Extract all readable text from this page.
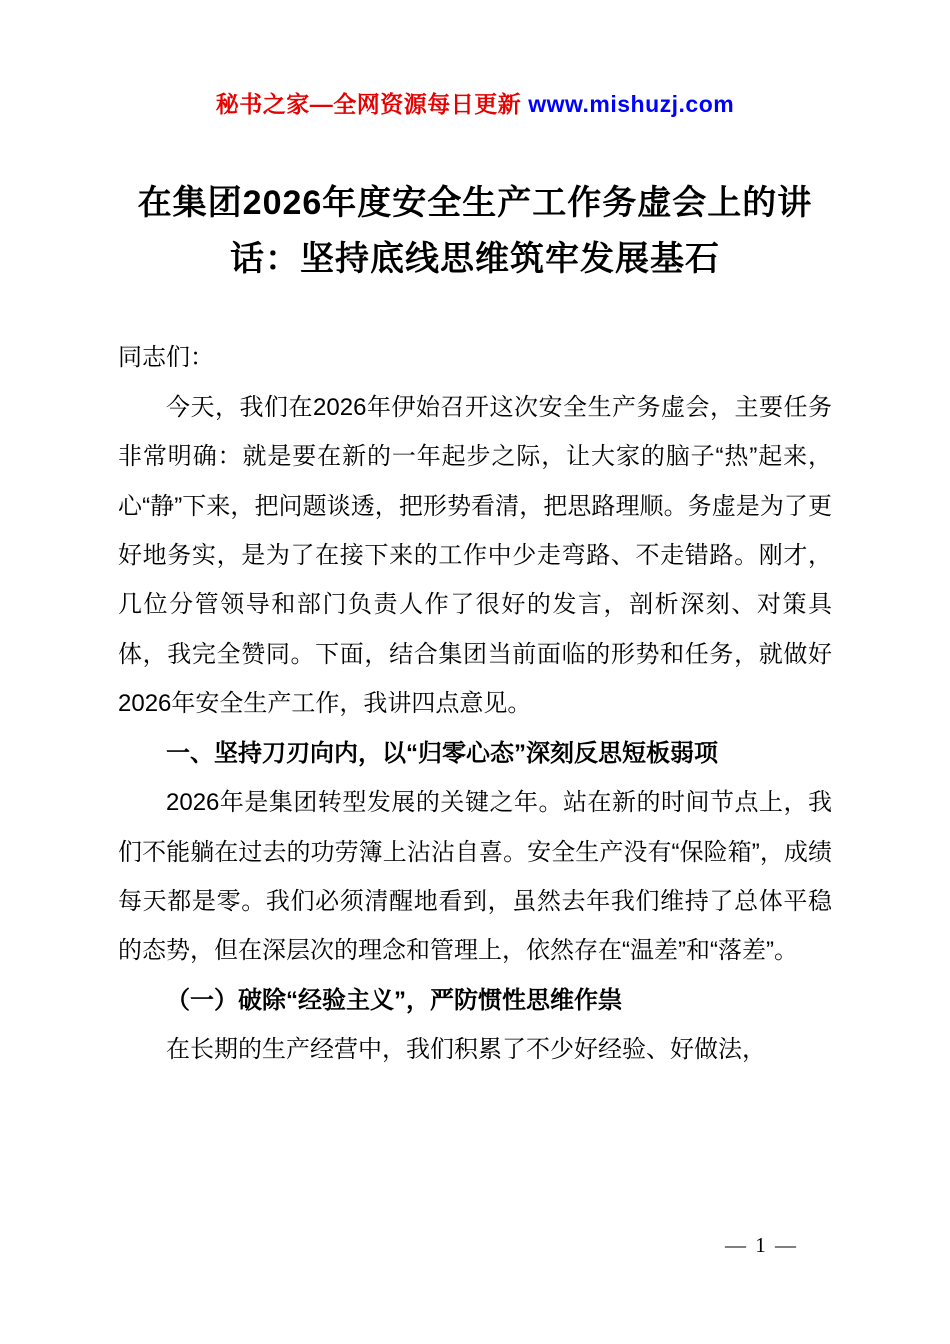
秘书之家—全网资源每日更新 www.mishuzj.com
在集团2026年度安全生产工作务虚会上的讲话：坚持底线思维筑牢发展基石

同志们：

今天，我们在2026年伊始召开这次安全生产务虚会，主要任务非常明确：就是要在新的一年起步之际，让大家的脑子“热”起来，心“静”下来，把问题谈透，把形势看清，把思路理顺。务虚是为了更好地务实，是为了在接下来的工作中少走弯路、不走错路。刚才，几位分管领导和部门负责人作了很好的发言，剖析深刻、对策具体，我完全赞同。下面，结合集团当前面临的形势和任务，就做好2026年安全生产工作，我讲四点意见。

一、坚持刀刃向内，以“归零心态”深刻反思短板弱项

2026年是集团转型发展的关键之年。站在新的时间节点上，我们不能躺在过去的功劳簿上沾沾自喜。安全生产没有“保险箱”，成绩每天都是零。我们必须清醒地看到，虽然去年我们维持了总体平稳的态势，但在深层次的理念和管理上，依然存在“温差”和“落差”。

（一）破除“经验主义”，严防惯性思维作祟

在长期的生产经营中，我们积累了不少好经验、好做法，

— 1 —
